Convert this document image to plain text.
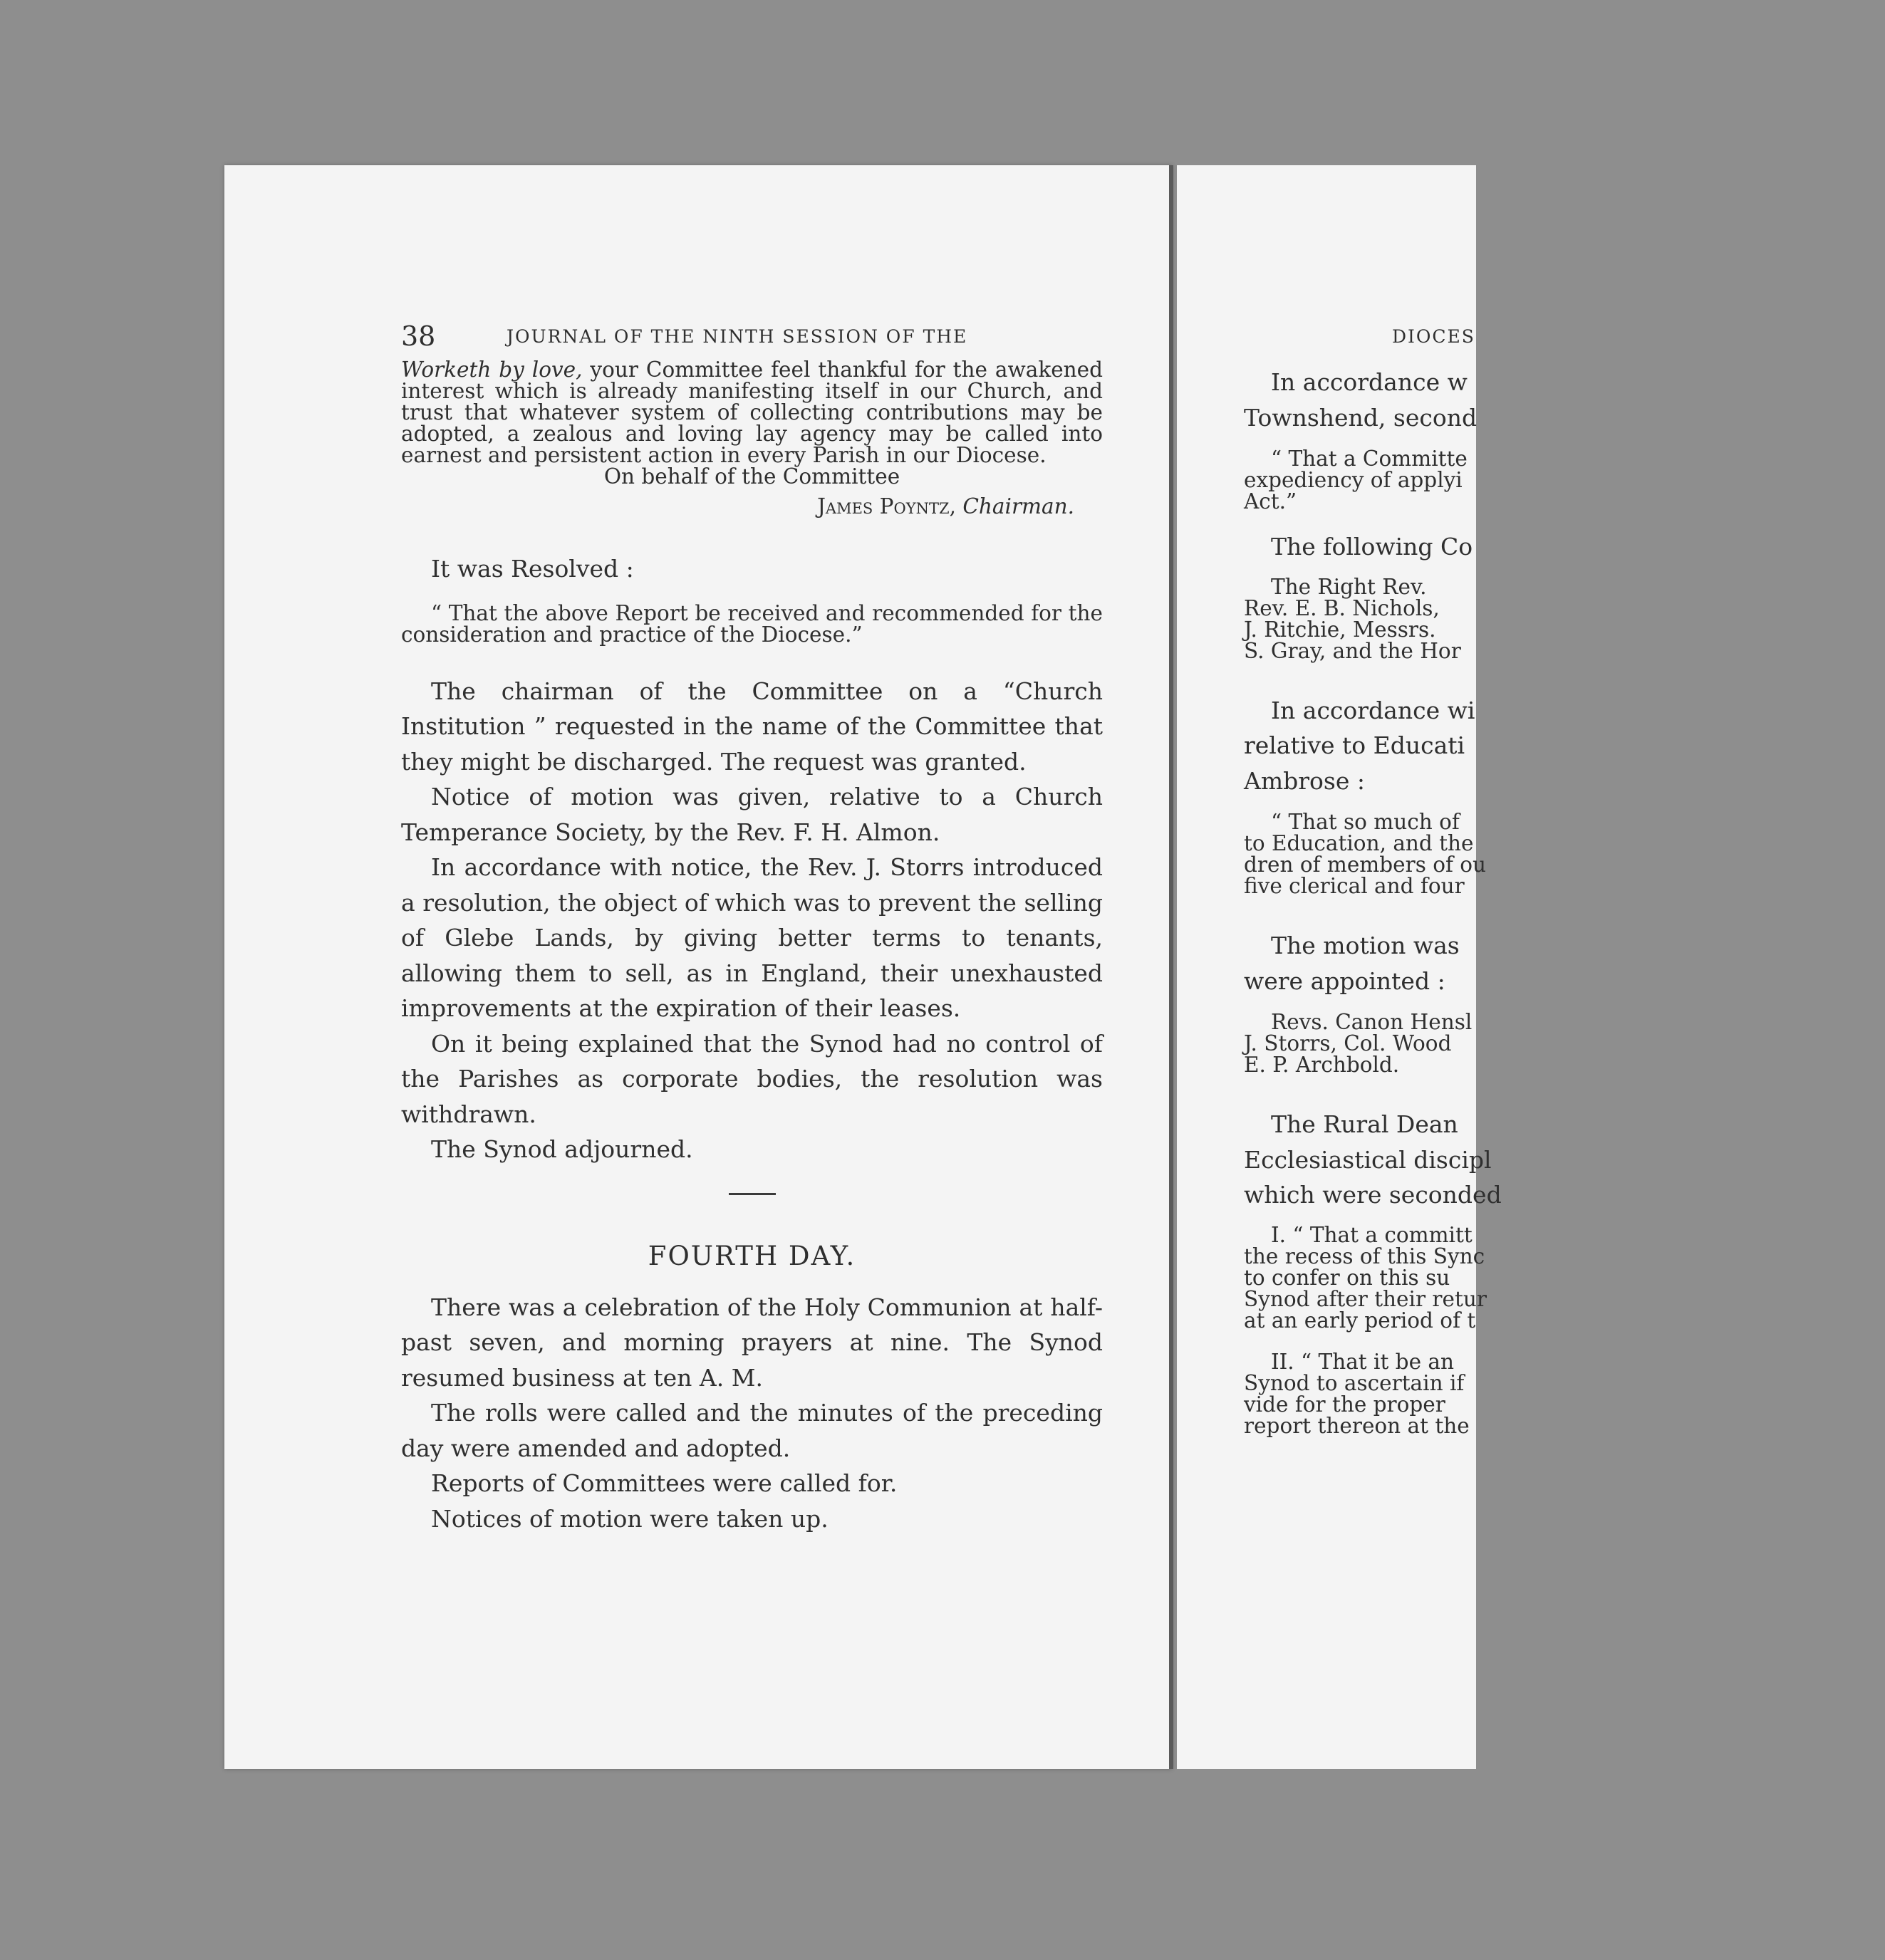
38	JOURNAL OF THE NINTH SESSION OF THE

Worketh by love, your Committee feel thankful for the awakened interest which is already manifesting itself in our Church, and trust that whatever system of collecting contributions may be adopted, a zealous and loving lay agency may be called into earnest and persistent action in every Parish in our Diocese.

On behalf of the Committee

James Poyntz, Chairman.

It was Resolved :

“ That the above Report be received and recommended for the consideration and practice of the Diocese.”

The chairman of the Committee on a “Church Institution ” requested in the name of the Committee that they might be discharged. The request was granted.

Notice of motion was given, relative to a Church Temperance Society, by the Rev. F. H. Almon.

In accordance with notice, the Rev. J. Storrs introduced a resolution, the object of which was to prevent the selling of Glebe Lands, by giving better terms to tenants, allowing them to sell, as in England, their unexhausted improvements at the expiration of their leases.

On it being explained that the Synod had no control of the Parishes as corporate bodies, the resolution was withdrawn.

The Synod adjourned.

FOURTH DAY.

There was a celebration of the Holy Communion at half-past seven, and morning prayers at nine. The Synod resumed business at ten A. M.

The rolls were called and the minutes of the preceding day were amended and adopted.

Reports of Committees were called for.

Notices of motion were taken up.

DIOCES

In accordance w

Townshend, second

“ That a Committe

expediency of applyi

Act.”

The following Co

The Right Rev.

Rev. E. B. Nichols,

J. Ritchie, Messrs.

S. Gray, and the Hor

In accordance wi

relative to Educati

Ambrose :

“ That so much of

to Education, and the

dren of members of ou

five clerical and four

The motion was

were appointed :

Revs. Canon Hensl

J. Storrs, Col. Wood

E. P. Archbold.

The Rural Dean

Ecclesiastical discipl

which were seconded

I. “ That a committ

the recess of this Sync

to confer on this su

Synod after their retur

at an early period of t

II. “ That it be an

Synod to ascertain if

vide for the proper

report thereon at the
